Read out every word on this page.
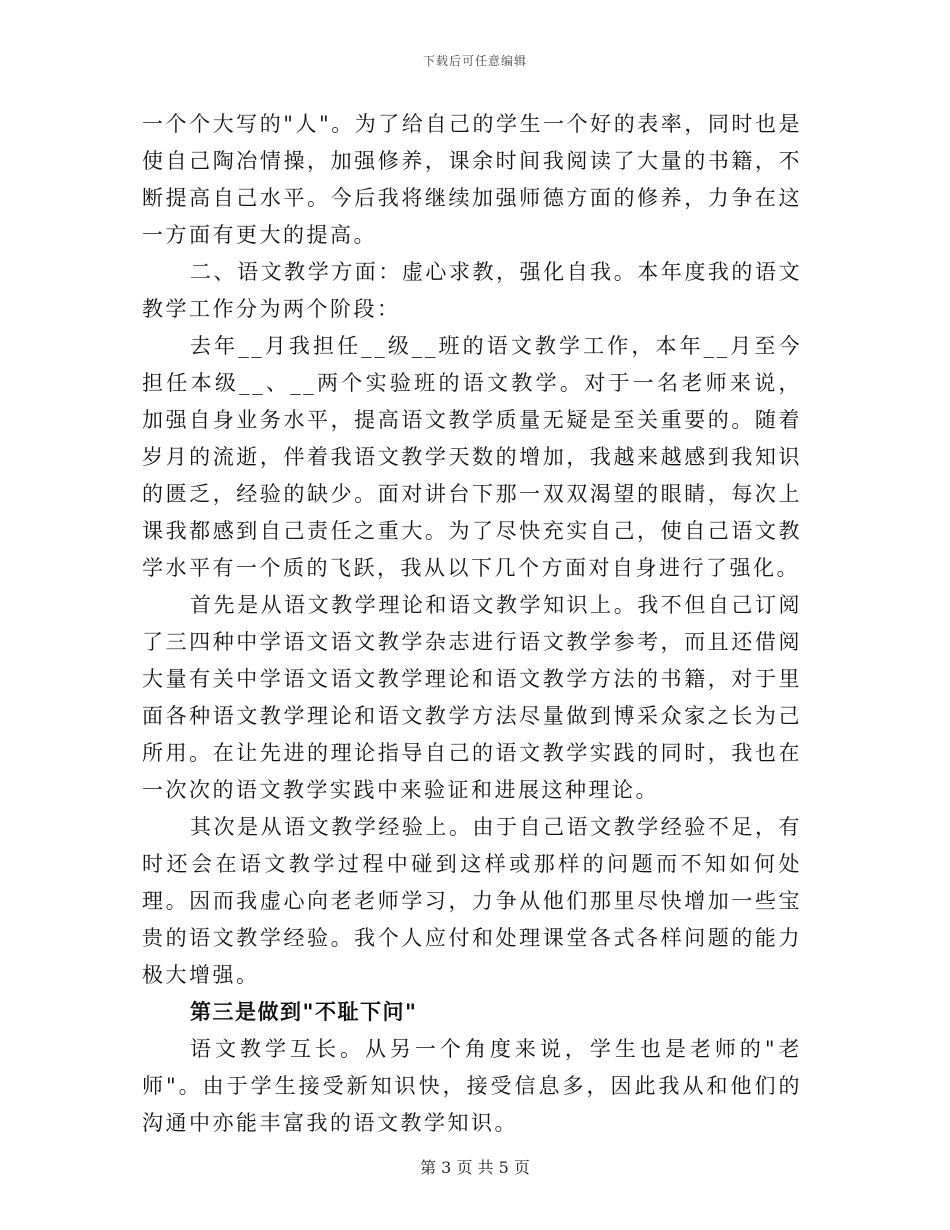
下载后可任意编辑

一个个大写的"人"。为了给自己的学生一个好的表率，同时也是使自己陶冶情操，加强修养，课余时间我阅读了大量的书籍，不断提高自己水平。今后我将继续加强师德方面的修养，力争在这一方面有更大的提高。

二、语文教学方面：虚心求教，强化自我。本年度我的语文教学工作分为两个阶段：

去年__月我担任__级__班的语文教学工作，本年__月至今担任本级__、__两个实验班的语文教学。对于一名老师来说，加强自身业务水平，提高语文教学质量无疑是至关重要的。随着岁月的流逝，伴着我语文教学天数的增加，我越来越感到我知识的匮乏，经验的缺少。面对讲台下那一双双渴望的眼睛，每次上课我都感到自己责任之重大。为了尽快充实自己，使自己语文教学水平有一个质的飞跃，我从以下几个方面对自身进行了强化。

首先是从语文教学理论和语文教学知识上。我不但自己订阅了三四种中学语文语文教学杂志进行语文教学参考，而且还借阅大量有关中学语文语文教学理论和语文教学方法的书籍，对于里面各种语文教学理论和语文教学方法尽量做到博采众家之长为己所用。在让先进的理论指导自己的语文教学实践的同时，我也在一次次的语文教学实践中来验证和进展这种理论。

其次是从语文教学经验上。由于自己语文教学经验不足，有时还会在语文教学过程中碰到这样或那样的问题而不知如何处理。因而我虚心向老老师学习，力争从他们那里尽快增加一些宝贵的语文教学经验。我个人应付和处理课堂各式各样问题的能力极大增强。

第三是做到"不耻下问"

语文教学互长。从另一个角度来说，学生也是老师的"老师"。由于学生接受新知识快，接受信息多，因此我从和他们的沟通中亦能丰富我的语文教学知识。

第 3 页 共 5 页
